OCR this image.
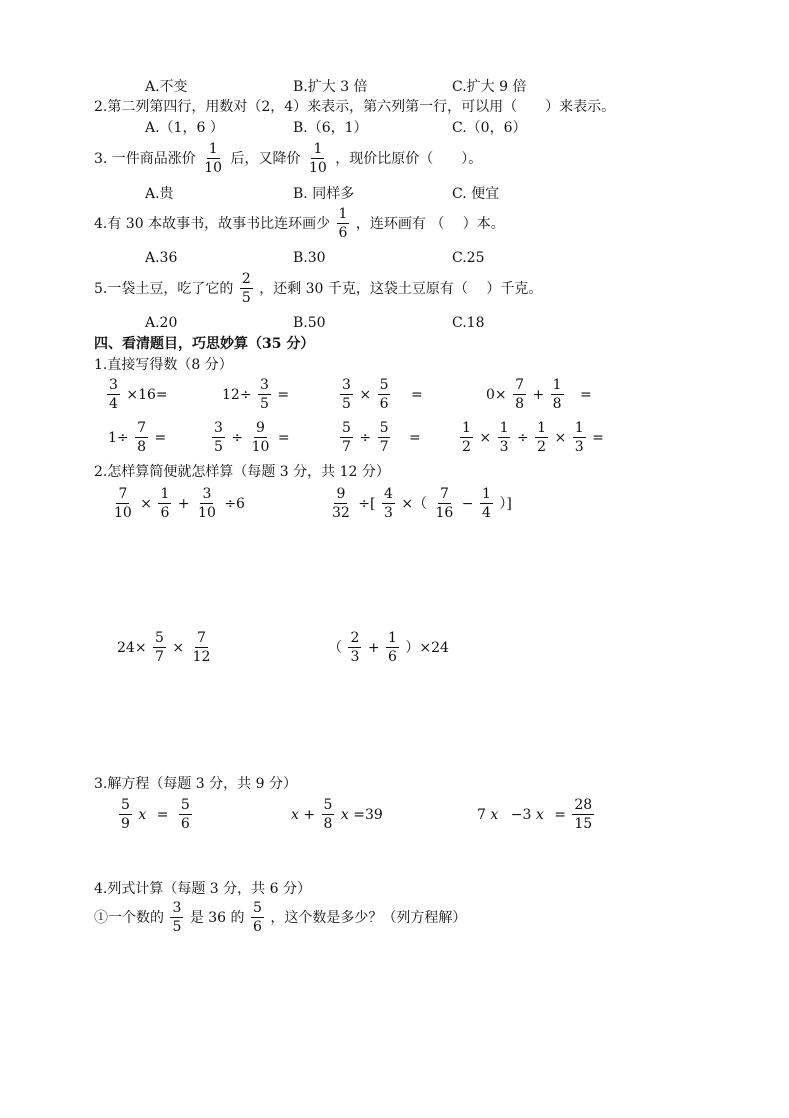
A.不变	B.扩大 3 倍	C.扩大 9 倍
2.第二列第四行，用数对（2，4）来表示，第六列第一行，可以用（　　）来表示。
A.（1，6 ）	B.（6，1）	C.（0，6）
3. 一件商品涨价 $\frac{1}{10}$ 后，又降价 $\frac{1}{10}$ ，现价比原价（　　）。
A.贵	B. 同样多	C. 便宜
4.有 30 本故事书，故事书比连环画少 $\frac{1}{6}$ ，连环画有 （　 ）本。
A.36	B.30	C.25
5.一袋土豆，吃了它的 $\frac{2}{5}$ ，还剩 30 千克，这袋土豆原有（　 ）千克。
A.20	B.50	C.18
四、看清题目，巧思妙算（35 分）
1.直接写得数（8 分）
$\frac{3}{4} \times 16=$	$12\div \frac{3}{5}$ =	$\frac{3}{5} \times \frac{5}{6}$ =	$0\times \frac{7}{8} + \frac{1}{8}$ =
$1\div \frac{7}{8}$ =	$\frac{3}{5} \div \frac{9}{10}$ =	$\frac{5}{7} \div \frac{5}{7}$ =	$\frac{1}{2} \times \frac{1}{3} \div \frac{1}{2} \times \frac{1}{3}$ =
2.怎样算简便就怎样算（每题 3 分，共 12 分）
$\frac{7}{10} \times \frac{1}{6} + \frac{3}{10} \div 6$	$\frac{9}{32}$ ÷[ $\frac{4}{3}$ ×（ $\frac{7}{16} - \frac{1}{4}$ ）]
$24\times \frac{5}{7} \times \frac{7}{12}$	（ $\frac{2}{3} + \frac{1}{6} )\times 24$
3.解方程（每题 3 分，共 9 分）
$\frac{5}{9}$ $x = \frac{5}{6}$	$x + \frac{5}{8}$ x =39	7 x −3 $x = \frac{28}{15}$
4.列式计算（每题 3 分，共 6 分）
①一个数的 $\frac{3}{5}$ 是 36 的 $\frac{5}{6}$ ，这个数是多少？（列方程解）
